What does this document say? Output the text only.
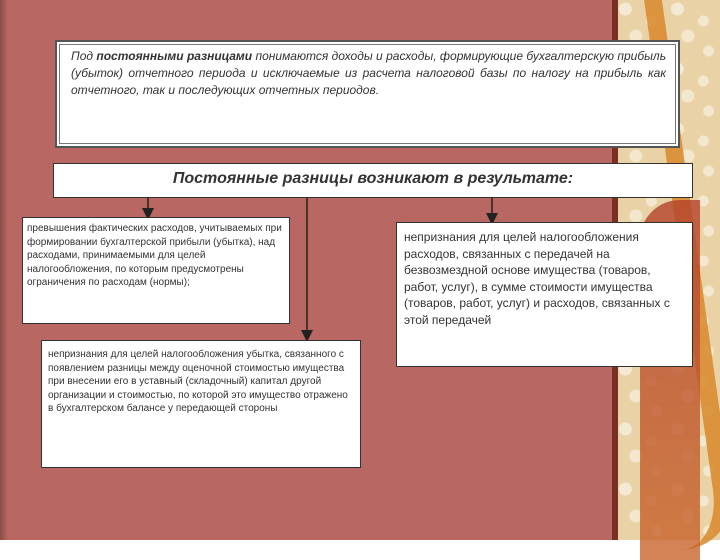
Под постоянными разницами понимаются доходы и расходы, формирующие бухгалтерскую прибыль (убыток) отчетного периода и исключаемые из расчета налоговой базы по налогу на прибыль как отчетного, так и последующих отчетных периодов.
Постоянные разницы возникают в результате:
превышения фактических расходов, учитываемых при формировании бухгалтерской прибыли (убытка), над расходами, принимаемыми для целей налогообложения, по которым предусмотрены ограничения по расходам (нормы);
непризнания для целей налогообложения убытка, связанного с появлением разницы между оценочной стоимостью имущества при внесении его в уставный (складочный) капитал другой организации и стоимостью, по которой это имущество отражено в бухгалтерском балансе у передающей стороны
непризнания для целей налогообложения расходов, связанных с передачей на безвозмездной основе имущества (товаров, работ, услуг), в сумме стоимости имущества (товаров, работ, услуг) и расходов, связанных с этой передачей
